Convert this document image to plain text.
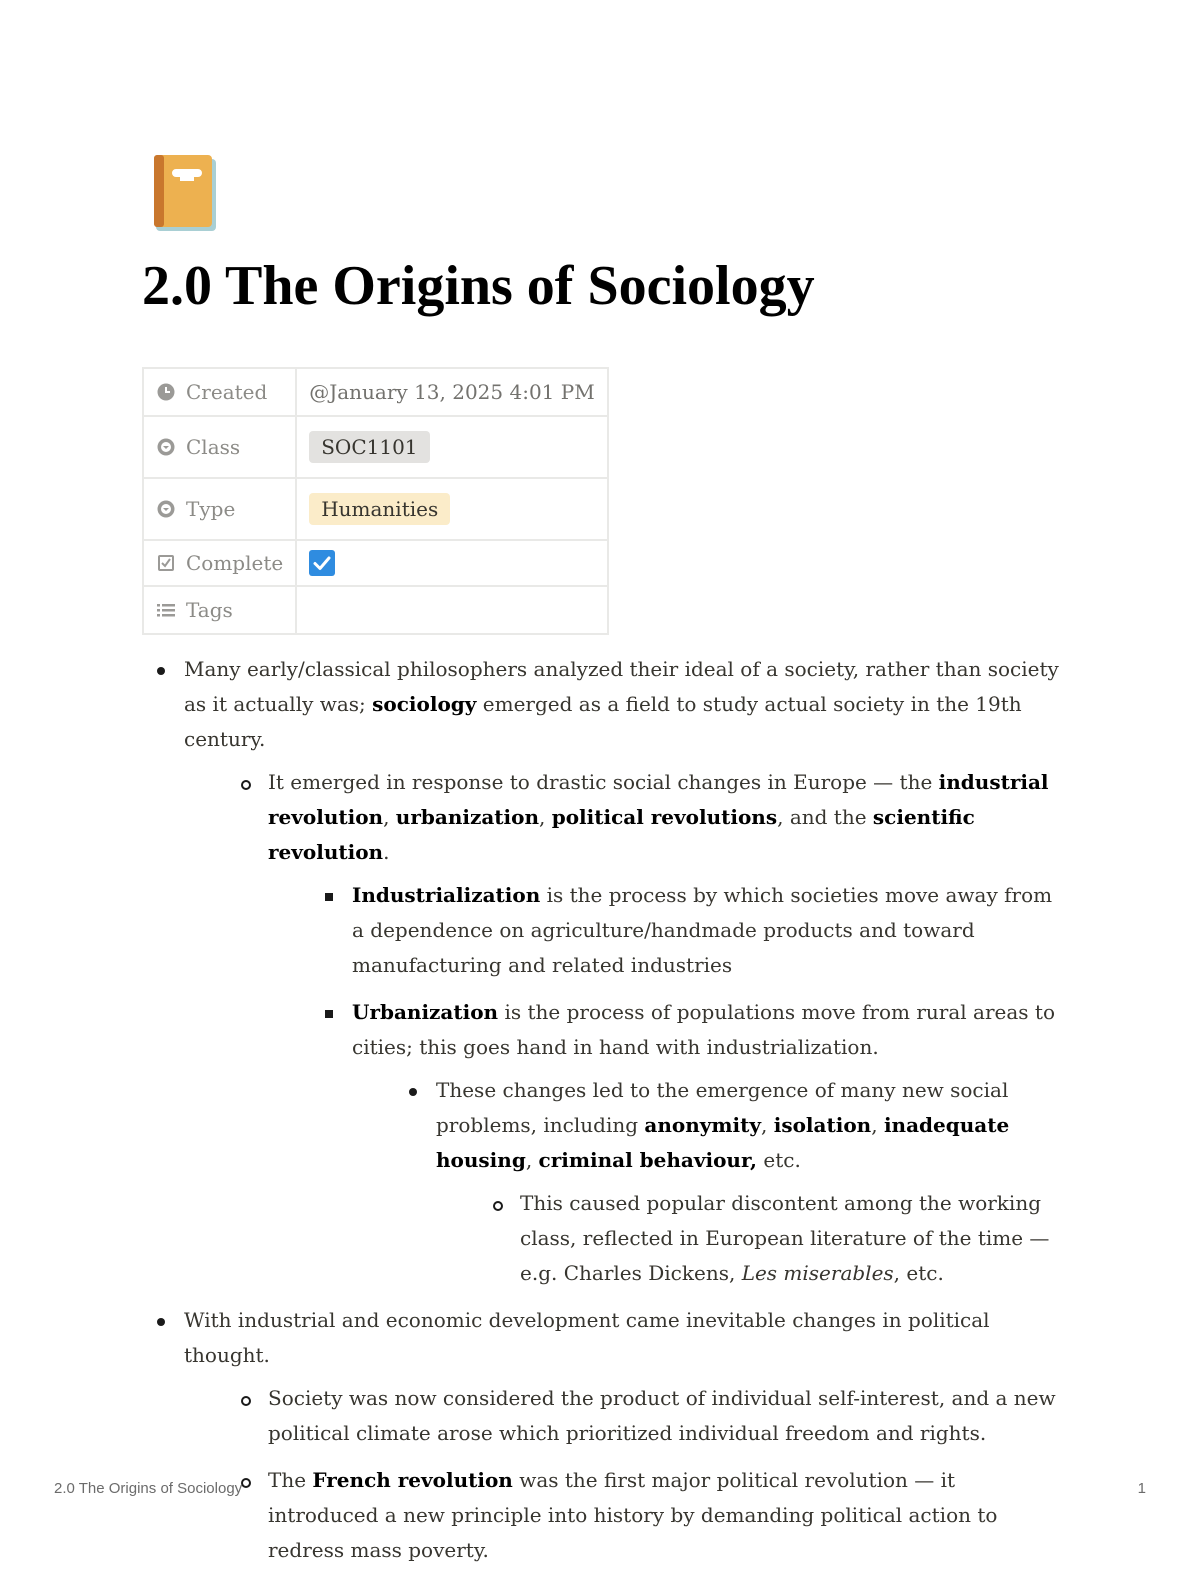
2.0 The Origins of Sociology
Created	@January 13, 2025 4:01 PM
Class	SOC1101
Type	Humanities
Complete	
Tags	
Many early/classical philosophers analyzed their ideal of a society, rather than society as it actually was; sociology emerged as a field to study actual society in the 19th century.
It emerged in response to drastic social changes in Europe — the industrial revolution, urbanization, political revolutions, and the scientific revolution.
Industrialization is the process by which societies move away from a dependence on agriculture/handmade products and toward manufacturing and related industries
Urbanization is the process of populations move from rural areas to cities; this goes hand in hand with industrialization.
These changes led to the emergence of many new social problems, including anonymity, isolation, inadequate housing, criminal behaviour, etc.
This caused popular discontent among the working class, reflected in European literature of the time — e.g. Charles Dickens, Les miserables, etc.
With industrial and economic development came inevitable changes in political thought.
Society was now considered the product of individual self-interest, and a new political climate arose which prioritized individual freedom and rights.
The French revolution was the first major political revolution — it introduced a new principle into history by demanding political action to redress mass poverty.
2.0 The Origins of Sociology	1
